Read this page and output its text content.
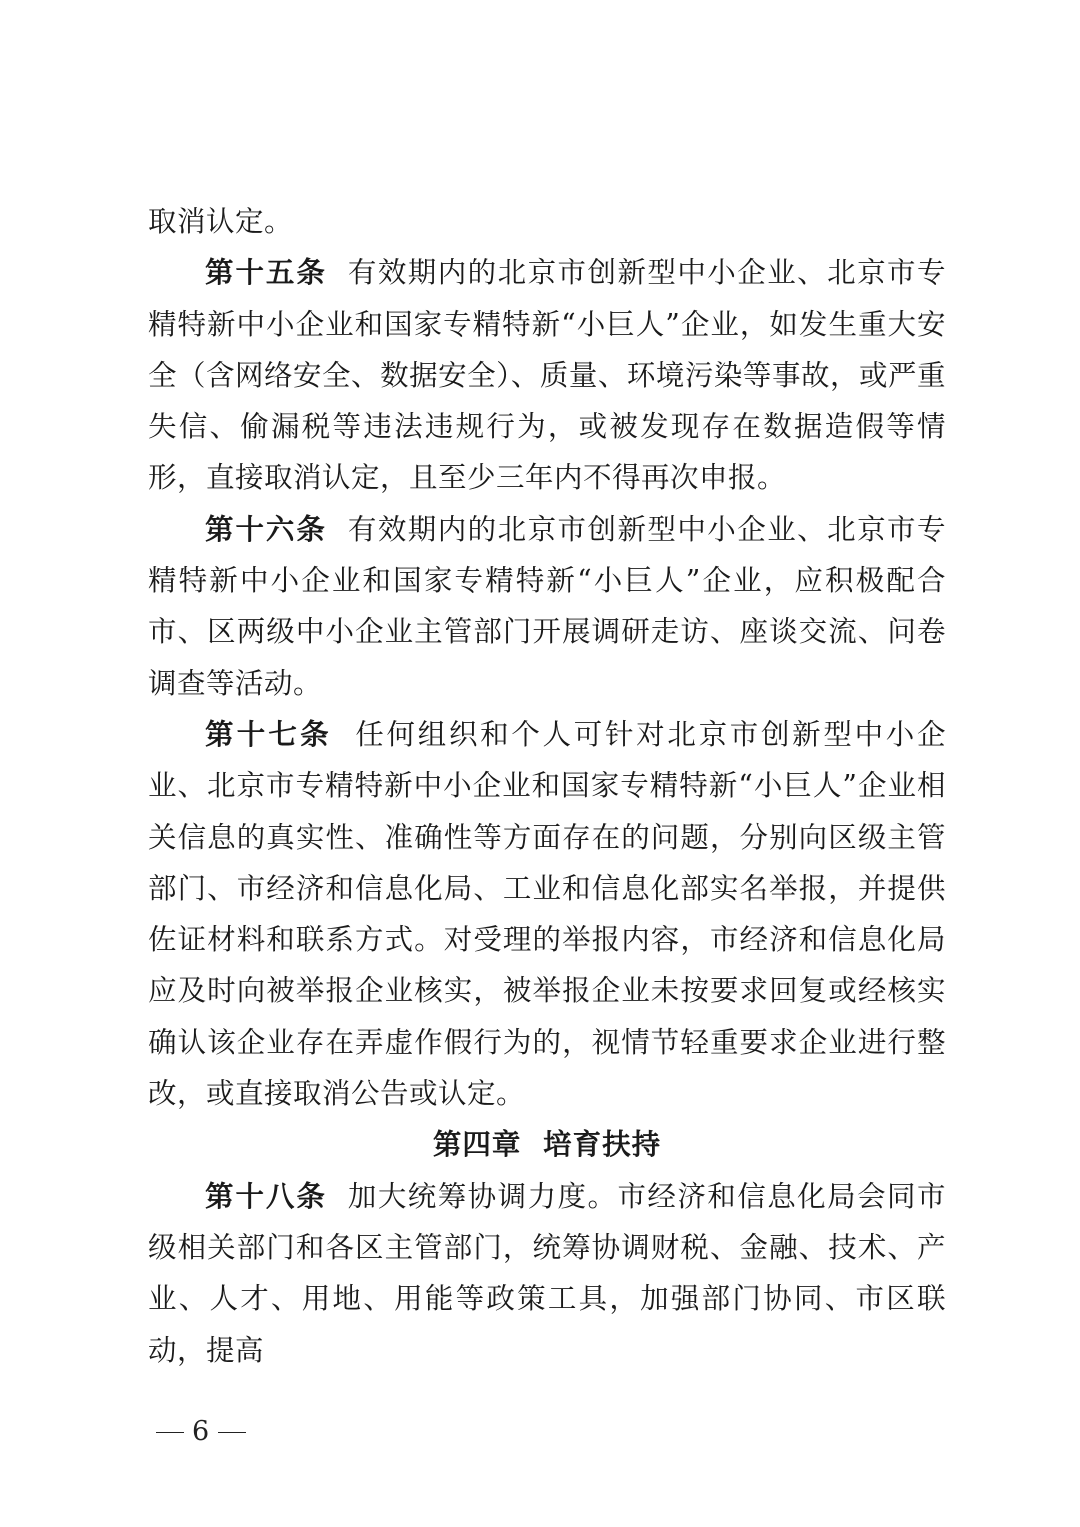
取消认定。

第十五条 有效期内的北京市创新型中小企业、北京市专精特新中小企业和国家专精特新“小巨人”企业，如发生重大安全（含网络安全、数据安全）、质量、环境污染等事故，或严重失信、偷漏税等违法违规行为，或被发现存在数据造假等情形，直接取消认定，且至少三年内不得再次申报。

第十六条 有效期内的北京市创新型中小企业、北京市专精特新中小企业和国家专精特新“小巨人”企业，应积极配合市、区两级中小企业主管部门开展调研走访、座谈交流、问卷调查等活动。

第十七条 任何组织和个人可针对北京市创新型中小企业、北京市专精特新中小企业和国家专精特新“小巨人”企业相关信息的真实性、准确性等方面存在的问题，分别向区级主管部门、市经济和信息化局、工业和信息化部实名举报，并提供佐证材料和联系方式。对受理的举报内容，市经济和信息化局应及时向被举报企业核实，被举报企业未按要求回复或经核实确认该企业存在弄虚作假行为的，视情节轻重要求企业进行整改，或直接取消公告或认定。

第四章  培育扶持

第十八条 加大统筹协调力度。市经济和信息化局会同市级相关部门和各区主管部门，统筹协调财税、金融、技术、产业、人才、用地、用能等政策工具，加强部门协同、市区联动，提高

6
